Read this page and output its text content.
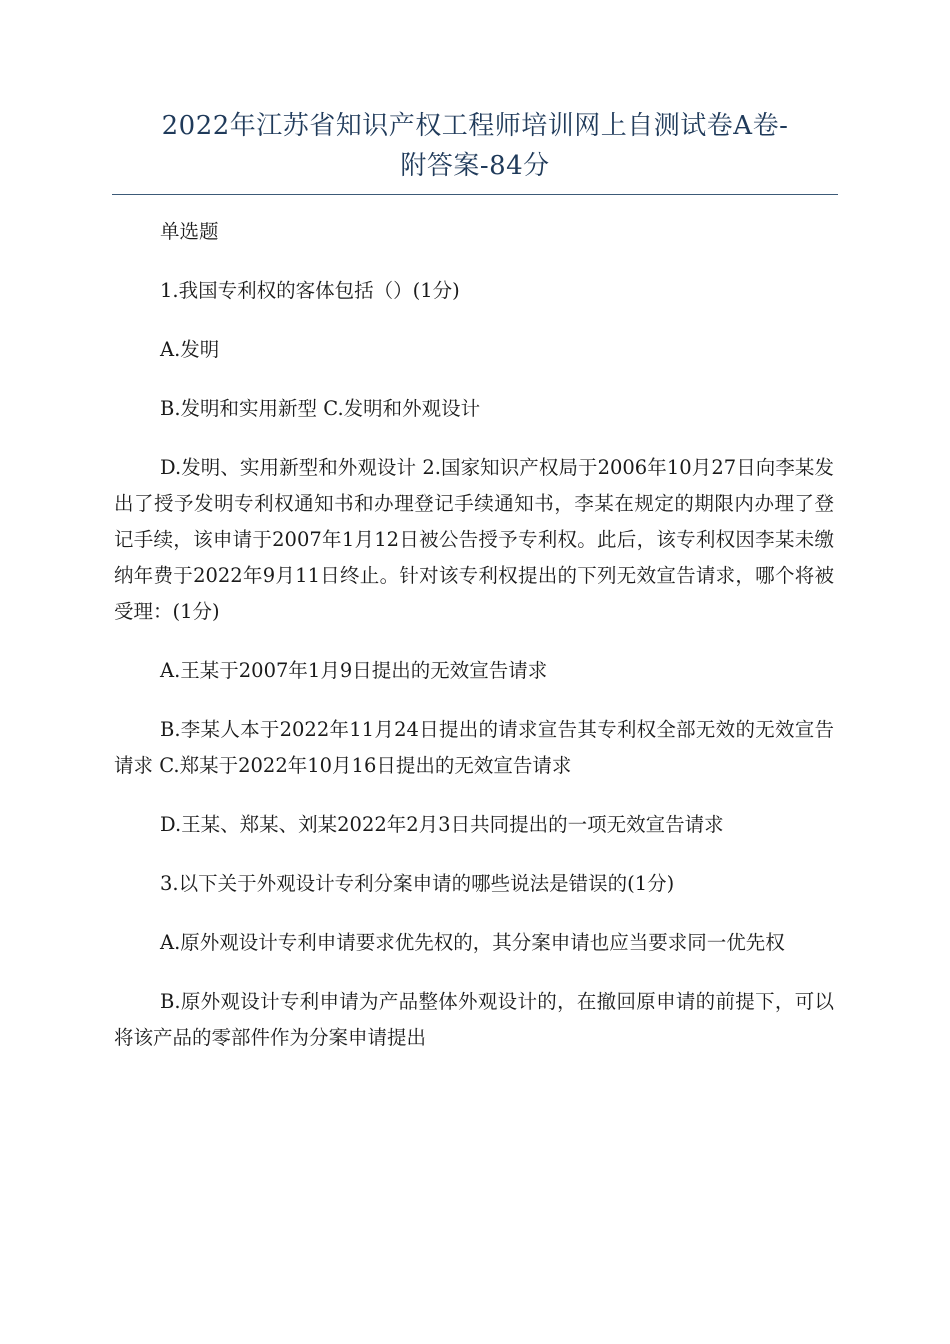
2022年江苏省知识产权工程师培训网上自测试卷A卷-
附答案-84分

单选题

1.我国专利权的客体包括（）(1分)

A.发明

B.发明和实用新型 C.发明和外观设计

D.发明、实用新型和外观设计 2.国家知识产权局于2006年10月27日向李某发出了授予发明专利权通知书和办理登记手续通知书，李某在规定的期限内办理了登记手续，该申请于2007年1月12日被公告授予专利权。此后，该专利权因李某未缴纳年费于2022年9月11日终止。针对该专利权提出的下列无效宣告请求，哪个将被受理：(1分)

A.王某于2007年1月9日提出的无效宣告请求

B.李某人本于2022年11月24日提出的请求宣告其专利权全部无效的无效宣告请求 C.郑某于2022年10月16日提出的无效宣告请求

D.王某、郑某、刘某2022年2月3日共同提出的一项无效宣告请求

3.以下关于外观设计专利分案申请的哪些说法是错误的(1分)

A.原外观设计专利申请要求优先权的，其分案申请也应当要求同一优先权

B.原外观设计专利申请为产品整体外观设计的，在撤回原申请的前提下，可以将该产品的零部件作为分案申请提出
